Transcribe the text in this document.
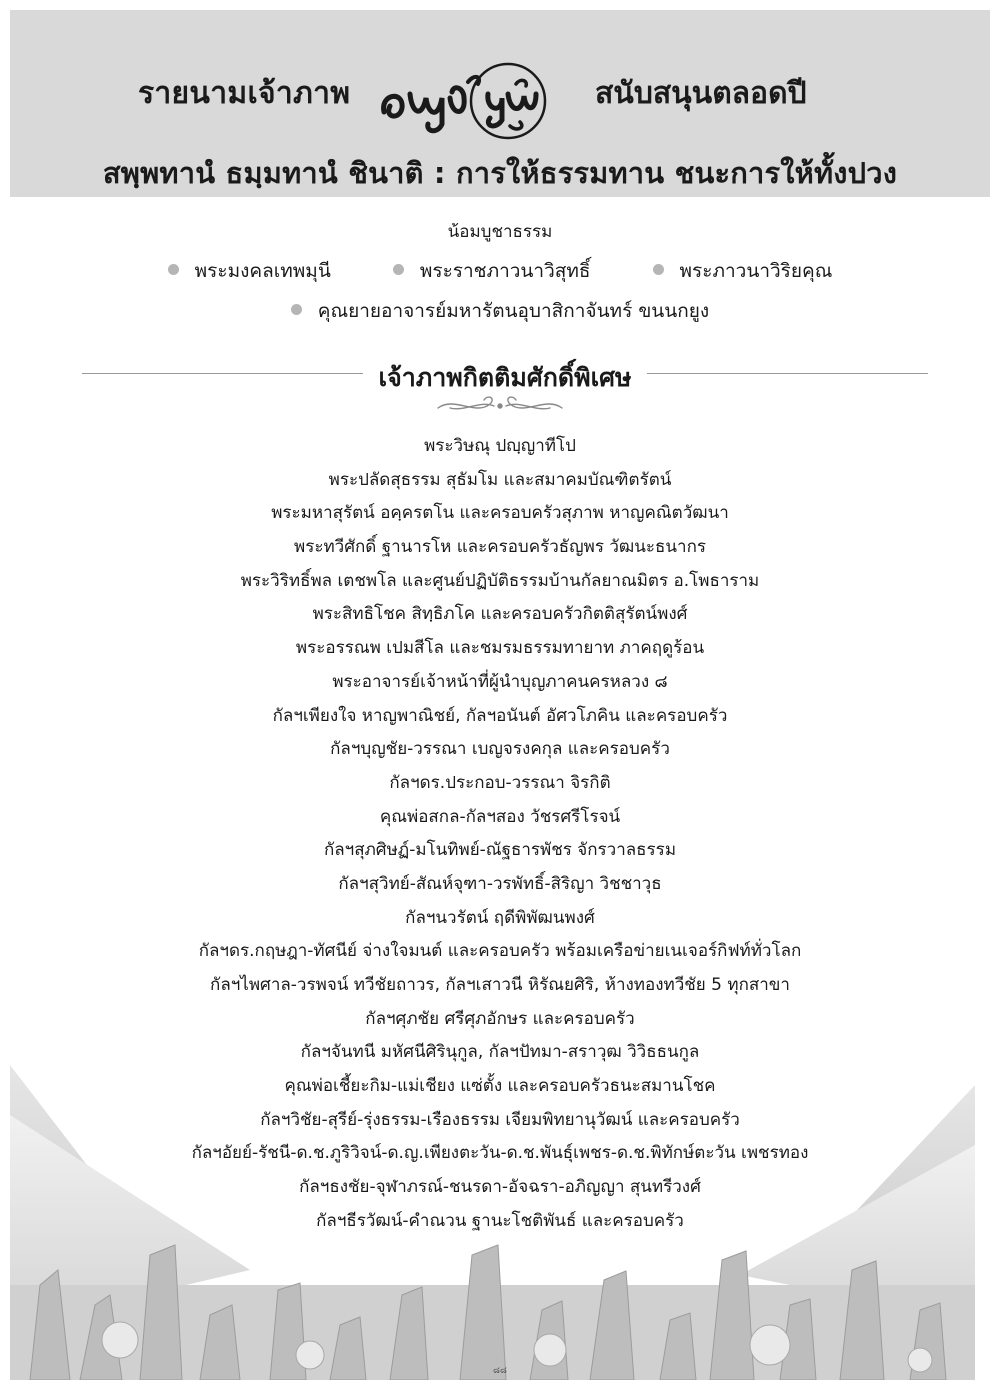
รายนามเจ้าภาพ	สนับสนุนตลอดปี
สพฺพทานํ ธมฺมทานํ ชินาติ : การให้ธรรมทาน ชนะการให้ทั้งปวง
น้อมบูชาธรรม
พระมงคลเทพมุนี	พระราชภาวนาวิสุทธิ์	พระภาวนาวิริยคุณ
คุณยายอาจารย์มหารัตนอุบาสิกาจันทร์ ขนนกยูง
เจ้าภาพกิตติมศักดิ์พิเศษ
พระวิษณุ ปญฺญาทีโป
พระปลัดสุธรรม สุธัมโม และสมาคมบัณฑิตรัตน์
พระมหาสุรัตน์ อคฺครตโน และครอบครัวสุภาพ หาญคณิตวัฒนา
พระทวีศักดิ์ ฐานารโห และครอบครัวธัญพร วัฒนะธนากร
พระวิริทธิ์พล เตชพโล และศูนย์ปฏิบัติธรรมบ้านกัลยาณมิตร อ.โพธาราม
พระสิทธิโชค สิทฺธิภโค และครอบครัวกิตติสุรัตน์พงศ์
พระอรรณพ เปมสีโล และชมรมธรรมทายาท ภาคฤดูร้อน
พระอาจารย์เจ้าหน้าที่ผู้นำบุญภาคนครหลวง ๘
กัลฯเพียงใจ หาญพาณิชย์, กัลฯอนันต์ อัศวโภคิน และครอบครัว
กัลฯบุญชัย-วรรณา เบญจรงคกุล และครอบครัว
กัลฯดร.ประกอบ-วรรณา จิรกิติ
คุณพ่อสกล-กัลฯสอง วัชรศรีโรจน์
กัลฯสุภศิษฏ์-มโนทิพย์-ณัฐธารพัชร จักรวาลธรรม
กัลฯสุวิทย์-สัณห์จุฑา-วรพัทธิ์-สิริญา วิชชาวุธ
กัลฯนวรัตน์ ฤดีพิพัฒนพงศ์
กัลฯดร.กฤษฎา-ทัศนีย์ จ่างใจมนต์ และครอบครัว พร้อมเครือข่ายเนเจอร์กิฟท์ทั่วโลก
กัลฯไพศาล-วรพจน์ ทวีชัยถาวร, กัลฯเสาวนี หิรัณยศิริ, ห้างทองทวีชัย 5 ทุกสาขา
กัลฯศุภชัย ศรีศุภอักษร และครอบครัว
กัลฯจันทนี มหัศนีศิรินุกูล, กัลฯปัทมา-สราวุฒ วิวิธธนกูล
คุณพ่อเชี้ยะกิม-แม่เชียง แซ่ตั้ง และครอบครัวธนะสมานโชค
กัลฯวิชัย-สุรีย์-รุ่งธรรม-เรืองธรรม เจียมพิทยานุวัฒน์ และครอบครัว
กัลฯอัยย์-รัชนี-ด.ช.ภูริวิจน์-ด.ญ.เพียงตะวัน-ด.ช.พันธุ์เพชร-ด.ช.พิทักษ์ตะวัน เพชรทอง
กัลฯธงชัย-จุฬาภรณ์-ชนรดา-อัจฉรา-อภิญญา สุนทรีวงศ์
กัลฯธีรวัฒน์-คำณวน ฐานะโชติพันธ์ และครอบครัว
๘๘
